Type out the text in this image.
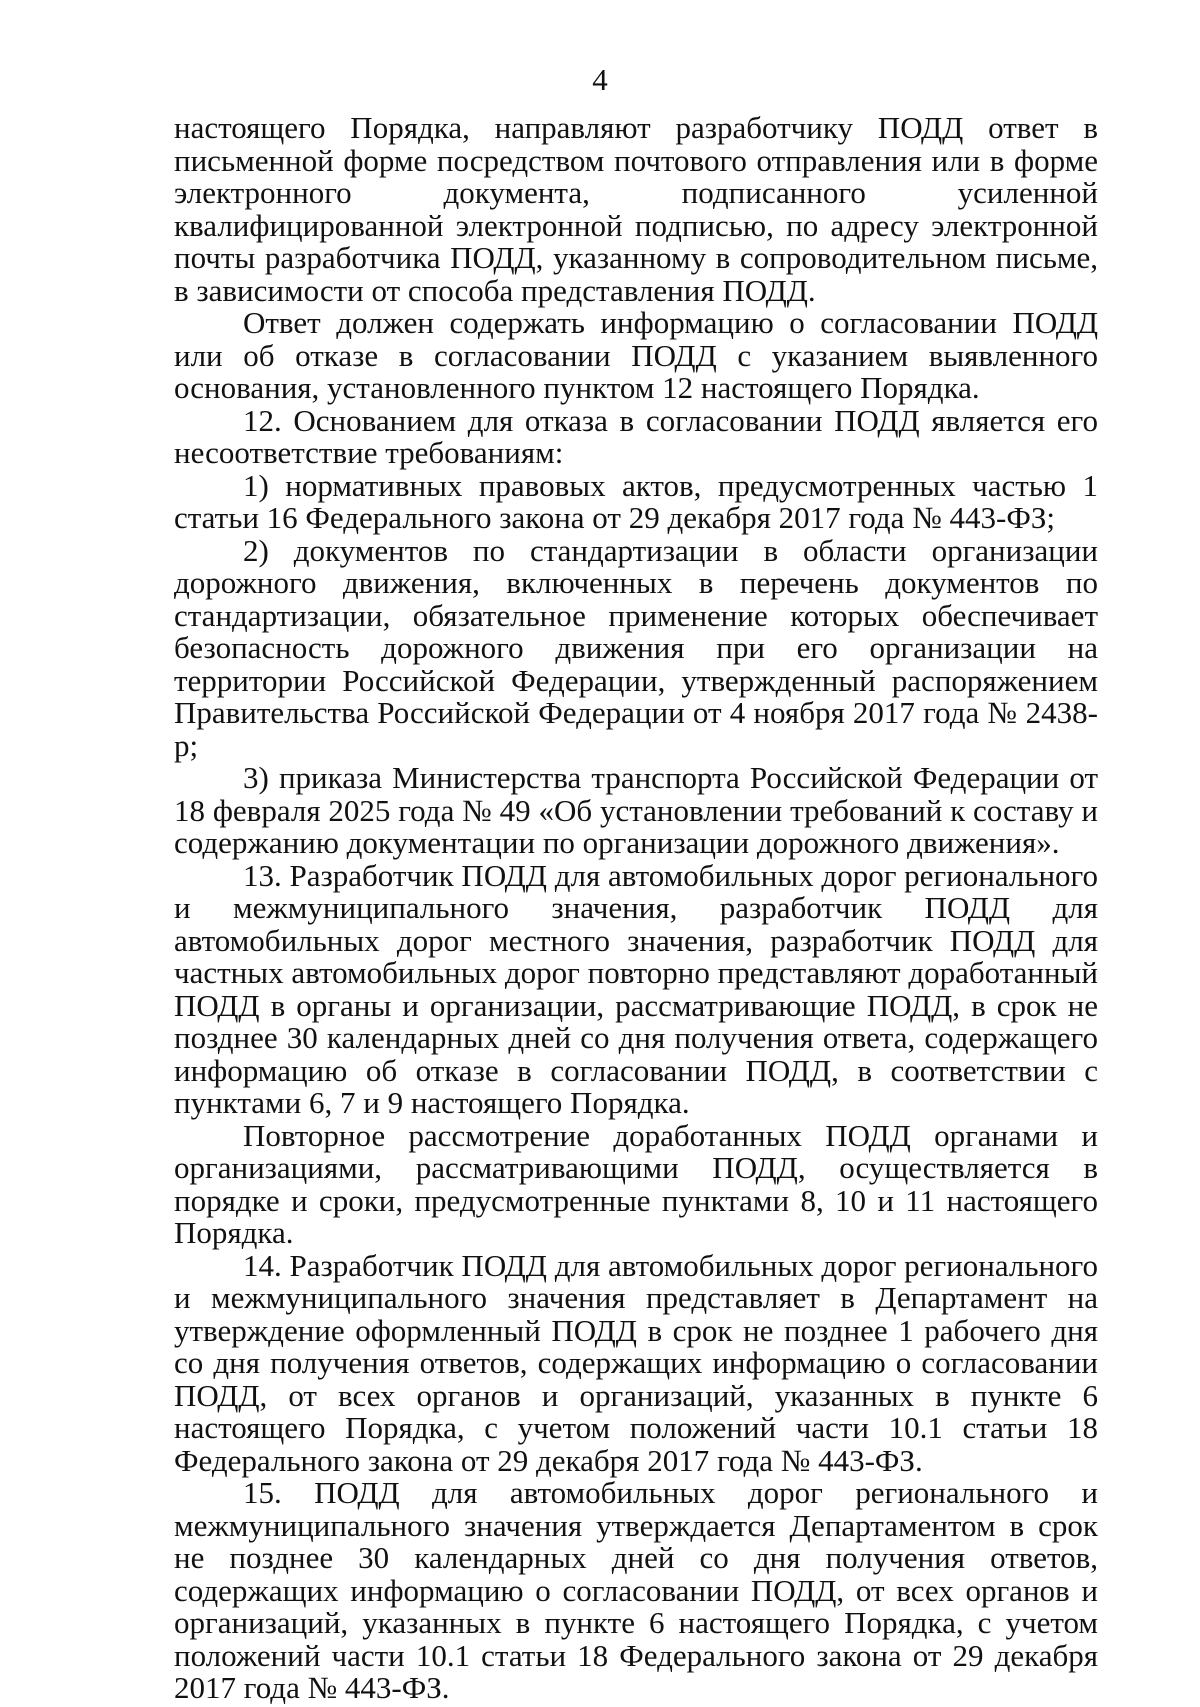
4

настоящего Порядка, направляют разработчику ПОДД ответ в письменной форме посредством почтового отправления или в форме электронного документа, подписанного усиленной квалифицированной электронной подписью, по адресу электронной почты разработчика ПОДД, указанному в сопроводительном письме, в зависимости от способа представления ПОДД.

Ответ должен содержать информацию о согласовании ПОДД или об отказе в согласовании ПОДД с указанием выявленного основания, установленного пунктом 12 настоящего Порядка.

12. Основанием для отказа в согласовании ПОДД является его несоответствие требованиям:

1) нормативных правовых актов, предусмотренных частью 1 статьи 16 Федерального закона от 29 декабря 2017 года № 443-ФЗ;

2) документов по стандартизации в области организации дорожного движения, включенных в перечень документов по стандартизации, обязательное применение которых обеспечивает безопасность дорожного движения при его организации на территории Российской Федерации, утвержденный распоряжением Правительства Российской Федерации от 4 ноября 2017 года № 2438-р;

3) приказа Министерства транспорта Российской Федерации от 18 февраля 2025 года № 49 «Об установлении требований к составу и содержанию документации по организации дорожного движения».

13. Разработчик ПОДД для автомобильных дорог регионального и межмуниципального значения, разработчик ПОДД для автомобильных дорог местного значения, разработчик ПОДД для частных автомобильных дорог повторно представляют доработанный ПОДД в органы и организации, рассматривающие ПОДД, в срок не позднее 30 календарных дней со дня получения ответа, содержащего информацию об отказе в согласовании ПОДД, в соответствии с пунктами 6, 7 и 9 настоящего Порядка.

Повторное рассмотрение доработанных ПОДД органами и организациями, рассматривающими ПОДД, осуществляется в порядке и сроки, предусмотренные пунктами 8, 10 и 11 настоящего Порядка.

14. Разработчик ПОДД для автомобильных дорог регионального и межмуниципального значения представляет в Департамент на утверждение оформленный ПОДД в срок не позднее 1 рабочего дня со дня получения ответов, содержащих информацию о согласовании ПОДД, от всех органов и организаций, указанных в пункте 6 настоящего Порядка, с учетом положений части 10.1 статьи 18 Федерального закона от 29 декабря 2017 года № 443-ФЗ.

15. ПОДД для автомобильных дорог регионального и межмуниципального значения утверждается Департаментом в срок не позднее 30 календарных дней со дня получения ответов, содержащих информацию о согласовании ПОДД, от всех органов и организаций, указанных в пункте 6 настоящего Порядка, с учетом положений части 10.1 статьи 18 Федерального закона от 29 декабря 2017 года № 443-ФЗ.
